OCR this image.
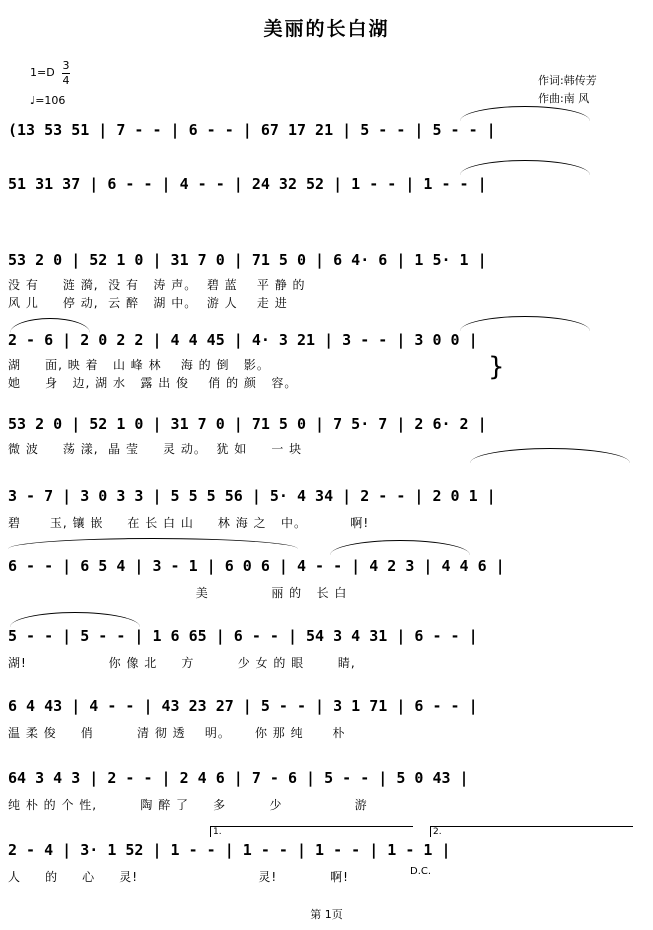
美丽的长白湖
1=D
3
4
♩=106
作词:韩传芳
作曲:南 风
(13 53 51 | 7 - - | 6 - - | 67 17 21 | 5 - - | 5 - - |
51 31 37 | 6 - - | 4 - - | 24 32 52 | 1 - - | 1 - - |
53 2 0 | 52 1 0 | 31 7 0 | 71 5 0 | 6 4· 6 | 1 5· 1 |
没 有     涟 漪,  没 有   涛 声。  碧 蓝    平 静 的
风 儿     停 动,  云 醉   湖 中。  游 人    走 进
2 - 6 | 2 0 2 2 | 4 4 45 | 4· 3 21 | 3 - - | 3 0 0 |
湖     面, 映 着   山 峰 林    海 的 倒   影。
她     身   边, 湖 水   露 出 俊    俏 的 颜   容。
}
53 2 0 | 52 1 0 | 31 7 0 | 71 5 0 | 7 5· 7 | 2 6· 2 |
微 波     荡 漾,  晶 莹     灵 动。  犹 如     一 块
3 - 7 | 3 0 3 3 | 5 5 5 56 | 5· 4 34 | 2 - - | 2 0 1 |
碧      玉, 镶 嵌     在 长 白 山     林 海 之   中。         啊!
6 - - | 6 5 4 | 3 - 1 | 6 0 6 | 4 - - | 4 2 3 | 4 4 6 |
美             丽 的   长 白
5 - - | 5 - - | 1 6 65 | 6 - - | 54 3 4 31 | 6 - - |
湖!                 你 像 北     方         少 女 的 眼       睛,
6 4 43 | 4 - - | 43 23 27 | 5 - - | 3 1 71 | 6 - - |
温 柔 俊     俏         清 彻 透    明。     你 那 纯      朴
64 3 4 3 | 2 - - | 2 4 6 | 7 - 6 | 5 - - | 5 0 43 |
纯 朴 的 个 性,         陶 醉 了     多         少               游
1.	2.
2 - 4 | 3· 1 52 | 1 - - | 1 - - | 1 - - | 1 - 1 |
人     的     心     灵!                         灵!           啊!	D.C.
第 1页
